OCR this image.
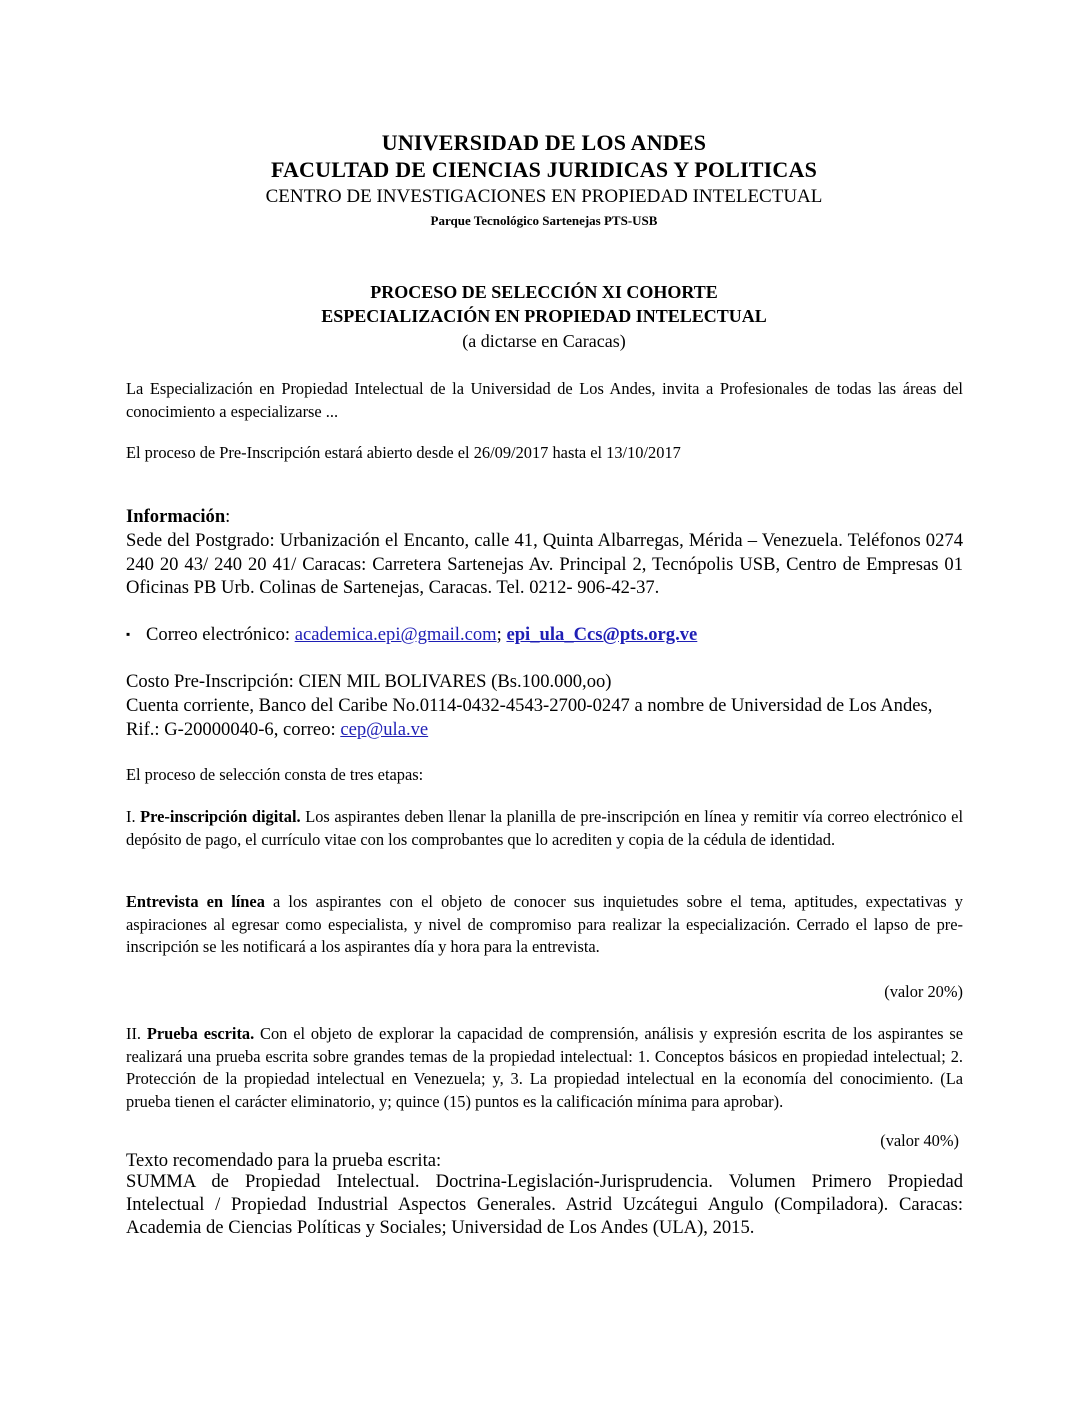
UNIVERSIDAD DE LOS ANDES
FACULTAD DE CIENCIAS JURIDICAS Y POLITICAS
CENTRO DE INVESTIGACIONES EN PROPIEDAD INTELECTUAL
Parque Tecnológico Sartenejas PTS-USB
PROCESO DE SELECCIÓN XI COHORTE
ESPECIALIZACIÓN EN PROPIEDAD INTELECTUAL
(a dictarse en Caracas)

La Especialización en Propiedad Intelectual de la Universidad de Los Andes, invita a Profesionales de todas las áreas del conocimiento a especializarse ...

El proceso de Pre-Inscripción estará abierto desde el 26/09/2017 hasta el 13/10/2017

Información:

Sede del Postgrado: Urbanización el Encanto, calle 41, Quinta Albarregas, Mérida – Venezuela. Teléfonos 0274 240 20 43/ 240 20 41/ Caracas: Carretera Sartenejas Av. Principal 2, Tecnópolis USB, Centro de Empresas 01 Oficinas PB Urb. Colinas de Sartenejas, Caracas. Tel. 0212- 906-42-37.

▪ Correo electrónico: academica.epi@gmail.com; epi_ula_Ccs@pts.org.ve

Costo Pre-Inscripción: CIEN MIL BOLIVARES (Bs.100.000,oo)

Cuenta corriente, Banco del Caribe No.0114-0432-4543-2700-0247 a nombre de Universidad de Los Andes, Rif.: G-20000040-6, correo: cep@ula.ve

El proceso de selección consta de tres etapas:

I. Pre-inscripción digital. Los aspirantes deben llenar la planilla de pre-inscripción en línea y remitir vía correo electrónico el depósito de pago, el currículo vitae con los comprobantes que lo acrediten y copia de la cédula de identidad.

Entrevista en línea a los aspirantes con el objeto de conocer sus inquietudes sobre el tema, aptitudes, expectativas y aspiraciones al egresar como especialista, y nivel de compromiso para realizar la especialización. Cerrado el lapso de pre-inscripción se les notificará a los aspirantes día y hora para la entrevista.

(valor 20%)

II. Prueba escrita. Con el objeto de explorar la capacidad de comprensión, análisis y expresión escrita de los aspirantes se realizará una prueba escrita sobre grandes temas de la propiedad intelectual: 1. Conceptos básicos en propiedad intelectual; 2. Protección de la propiedad intelectual en Venezuela; y, 3. La propiedad intelectual en la economía del conocimiento. (La prueba tienen el carácter eliminatorio, y; quince (15) puntos es la calificación mínima para aprobar).

(valor 40%)

Texto recomendado para la prueba escrita:

SUMMA de Propiedad Intelectual. Doctrina-Legislación-Jurisprudencia. Volumen Primero Propiedad Intelectual / Propiedad Industrial Aspectos Generales. Astrid Uzcátegui Angulo (Compiladora). Caracas: Academia de Ciencias Políticas y Sociales; Universidad de Los Andes (ULA), 2015.
